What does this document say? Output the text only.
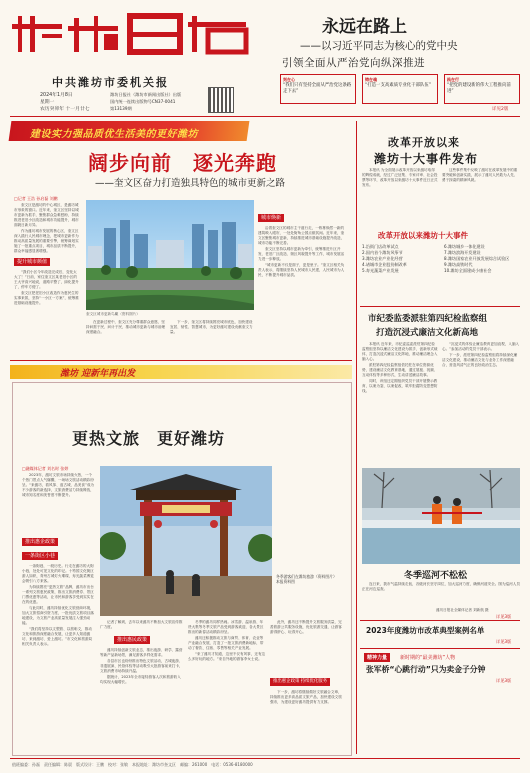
中共潍坊市委机关报
2024年1月8日
星期一
农历癸卯年 十一月廿七
潍坊日报社（潍坊市新闻出版社）出版
国内统一连续出版物号CN37-0041
第13139期
永远在路上
——以习近平同志为核心的党中央
引领全面从严治党向纵深推进
刻在心
“我们只有坚持全面从严治党这条路走下去”
铸在魂
“打造一支高素质专业化干部队伍”
践在行
“把党的建设新的伟大工程推向前进”
详见2版
建设实力强品质优生活美的更好潍坊
阔步向前　逐光奔跑
——奎文区奋力打造独具特色的城市更新之路
□记者 王浩 孙启磊 刘鹏

奎文区是潍坊的中心城区，是潍坊城市形象的窗口。近年来，奎文区坚持以城市更新为抓手，聚焦群众急难愁盼，持续推进老旧小区改造和城市功能提升，城市面貌日新月异。

作为潍坊城市发展的核心区，奎文区深入践行人民城市理念，把城市更新作为推动高质量发展的重要引擎，统筹谋划实施了一批重点项目，城市品质不断提升，群众幸福感显著增强。

提升城市颜值

“我们小区今年改造完成后，变化太大了！”日前，家住奎文区某老旧小区的王大爷高兴地说，道路平整了，绿化提升了，停车方便了。

奎文区把老旧小区改造作为惠民生的实事来抓，坚持“一小区一方案”，统筹推进基础设施提升。

奎文区城市更新鸟瞰（资料图片）
城市焕新

沿着奎文区的城市主干道行走，一栋栋焕然一新的建筑映入眼帘，一处处街角公园点缀其间。近年来，奎文区聚焦城市更新，持续推进城市基础设施提升改造，城市功能不断完善。

奎文区坚持以城市更新为牵引，统筹推进片区开发、老旧厂区改造、街区风貌提升等工作，城市发展活力进一步释放。

“城市更新不仅是面子，更是里子。”奎文区相关负责人表示，将继续坚持人民城市人民建，人民城市为人民，不断提升城市品质。

在更新过程中，奎文区充分尊重群众意愿，坚持问需于民、问计于民，推动城市更新与城市治理深度融合。

下一步，奎文区将持续擦亮城市底色，加快建设宜居、韧性、智慧城市，为更好潍坊建设贡献奎文力量。

潍坊 迎新年再出发
更热文旅　更好潍坊
□融媒体记者 刘名时 张婷

2023年，潍坊文旅市场持续火热，一个个热门景点人气爆棚，一场场文旅活动精彩纷呈。“来潍坊，看风筝、逛古城、品美食”成为不少游客的新选择，文旅消费活力持续释放，城市知名度和美誉度不断提升。

推出惠企政策
一条街区小巷

一条街巷，一段历史。行走在潍坊的大街小巷，处处可见文化的印记。十笏园文化街区游人如织，青州古城灯火璀璨，寿光蔬菜博览会吸引八方来客。

为持续擦亮“更热文旅”品牌，潍坊市出台一系列文旅惠民政策，推出文旅消费券、景区门票优惠等活动，让市民和游客享受到实实在在的优惠。

与此同时，潍坊持续优化文旅营商环境，加大文旅招商引资力度，一批优质文旅项目落地建设，为文旅产业高质量发展注入强劲动能。

“我们将坚持以文塑旅、以旅彰文，推动文化和旅游深度融合发展，让更多人知道潍坊、来到潍坊、爱上潍坊。”市文化和旅游局相关负责人表示。

冬季游客们在潍坊旅游（资料图片）
本报资料图

记者了解到，去年以来潍坊不断加大文旅宣传推广力度。

推出惠民政策

潍坊持续创新文旅业态，推出夜游、研学、露营等新产品新场景，满足游客多样化需求。

各县市区也纷纷推出特色文旅活动，古城夜游、非遗展演、民俗体验等活动吸引大批游客前来打卡，文旅消费市场持续升温。

据统计，2023年全市接待游客人次和旅游收入均实现大幅增长。

冬季的潍坊同样热闹。冰雪游、温泉游、年货大集等冬季文旅产品受到游客欢迎，各大景区推出的新春活动精彩纷呈。

潍坊还积极推动文旅与商贸、体育、农业等产业融合发展，打造了一批文旅消费新地标，带动了餐饮、住宿、零售等相关产业发展。

“来了潍坊才知道，这里不仅有风筝，还有这么多好玩的地方。”来自外地的游客李女士说。

此外，潍坊还不断提升文旅服务质量，完善旅游公共服务设施，优化旅游交通，让游客游得舒心、玩得开心。

推出惠企政策 持续优化服务

下一步，潍坊将继续做好文旅融合文章，持续推出更多高品质文旅产品，加快建设文旅强市，为建设更好潍坊提供有力支撑。

改革开放以来
潍坊十大事件发布

本报讯 为全面展示改革开放以来潍坊取得的辉煌成就，经过广泛征集、专家评审、社会投票等环节，改革开放以来潍坊十大事件近日正式发布。

这些事件集中反映了潍坊在改革发展中的重要突破和创新实践，展示了潍坊人民敢为人先、勇于探索的精神风貌。

改革开放以来潍坊十大事件
1.沿街门店改革试点
2.国内首个潍坊风筝节
3.潍坊农业产业化经营
4.诸城市企业股份制改革
5.寿光蔬菜产业发展
6.潍坊城乡一体化建设
7.潍坊滨海开发建设
8.潍坊国家农业开放发展综合试验区
9.潍坊高铁时代
10.潍坊全面建成小康社会
市纪委监委派驻第四纪检监察组
打造沉浸式廉洁文化新高地

本报讯 近年来，市纪委监委派驻第四纪检监察组坚持以廉洁文化建设为抓手，创新形式载体，打造沉浸式廉洁文化阵地，推动廉洁理念入脑入心。

派驻第四纪检监察组依托驻在单位资源优势，建设廉洁文化教育基地，通过展板、视频、互动体验等多种形式，生动讲述廉洁故事。

同时，该组还定期组织党员干部开展警示教育，以案为鉴、以案促改，筑牢拒腐防变思想防线。

“沉浸式的体验让廉洁教育更加直观，入脑入心。”参加活动的党员干部表示。

下一步，派驻第四纪检监察组将持续深化廉洁文化建设，推动廉洁文化与业务工作深度融合，营造风清气正的良好政治生态。

冬季巡河不松松

连日来，我市气温持续走低，各级河长坚守岗位，加大巡河力度，确保河道安全。图为巡河人员正在河边巡查。

潍坊日报社全媒体记者 刘新航 摄
详见3版
2023年度潍坊市改革典型案例名单
详见3版
精神力量	新时期的“最美潍坊”人物
张军桥“心跳行动”只为卖金子分钟
详见3版
值班编委：孙磊　责任编辑：陈晨　版式设计：王鹏　校对：张敏　本报地址：潍坊市奎文区　邮编：261000　电话：0536-8180000
